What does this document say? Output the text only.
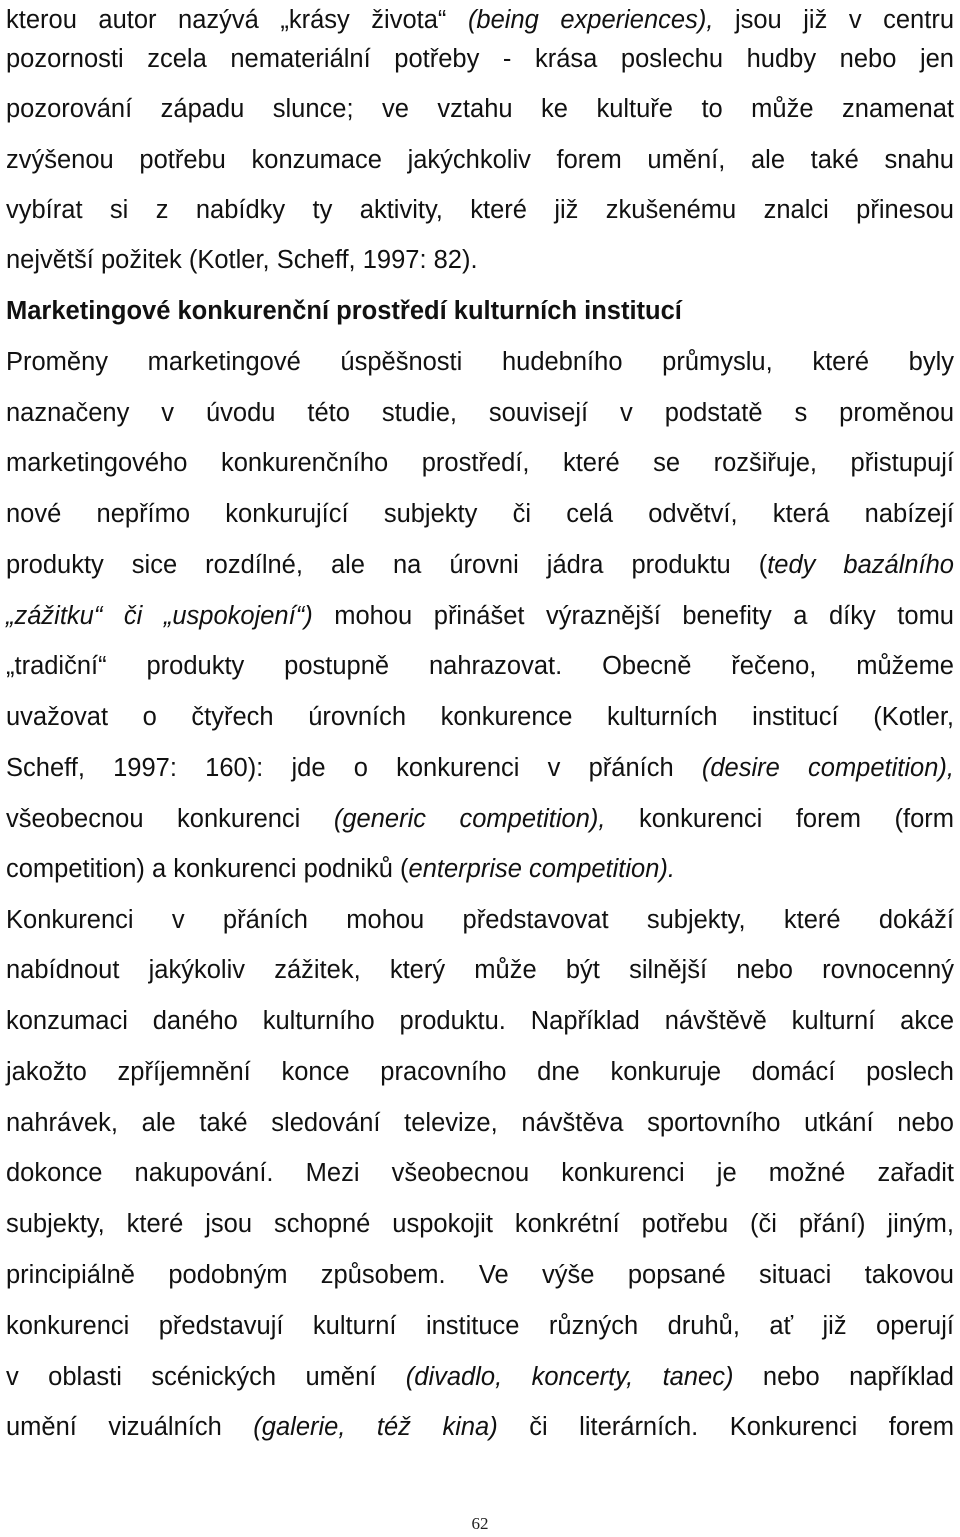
kterou autor nazývá „krásy života“ (being experiences), jsou již v centru
pozornosti zcela nemateriální potřeby - krása poslechu hudby nebo jen
pozorování západu slunce; ve vztahu ke kultuře to může znamenat
zvýšenou potřebu konzumace jakýchkoliv forem umění, ale také snahu
vybírat si z nabídky ty aktivity, které již zkušenému znalci přinesou
největší požitek (Kotler, Scheff, 1997: 82).
Marketingové konkurenční prostředí kulturních institucí
Proměny marketingové úspěšnosti hudebního průmyslu, které byly
naznačeny v úvodu této studie, souvisejí v podstatě s proměnou
marketingového konkurenčního prostředí, které se rozšiřuje, přistupují
nové nepřímo konkurující subjekty či celá odvětví, která nabízejí
produkty sice rozdílné, ale na úrovni jádra produktu (tedy bazálního
„zážitku“ či „uspokojení“) mohou přinášet výraznější benefity a díky tomu
„tradiční“ produkty postupně nahrazovat. Obecně řečeno, můžeme
uvažovat o čtyřech úrovních konkurence kulturních institucí (Kotler,
Scheff, 1997: 160): jde o konkurenci v přáních (desire competition),
všeobecnou konkurenci (generic competition), konkurenci forem (form
competition) a konkurenci podniků (enterprise competition).
Konkurenci v přáních mohou představovat subjekty, které dokáží
nabídnout jakýkoliv zážitek, který může být silnější nebo rovnocenný
konzumaci daného kulturního produktu. Například návštěvě kulturní akce
jakožto zpříjemnění konce pracovního dne konkuruje domácí poslech
nahrávek, ale také sledování televize, návštěva sportovního utkání nebo
dokonce nakupování. Mezi všeobecnou konkurenci je možné zařadit
subjekty, které jsou schopné uspokojit konkrétní potřebu (či přání) jiným,
principiálně podobným způsobem. Ve výše popsané situaci takovou
konkurenci představují kulturní instituce různých druhů, ať již operují
v oblasti scénických umění (divadlo, koncerty, tanec) nebo například
umění vizuálních (galerie, též kina) či literárních. Konkurenci forem
62
